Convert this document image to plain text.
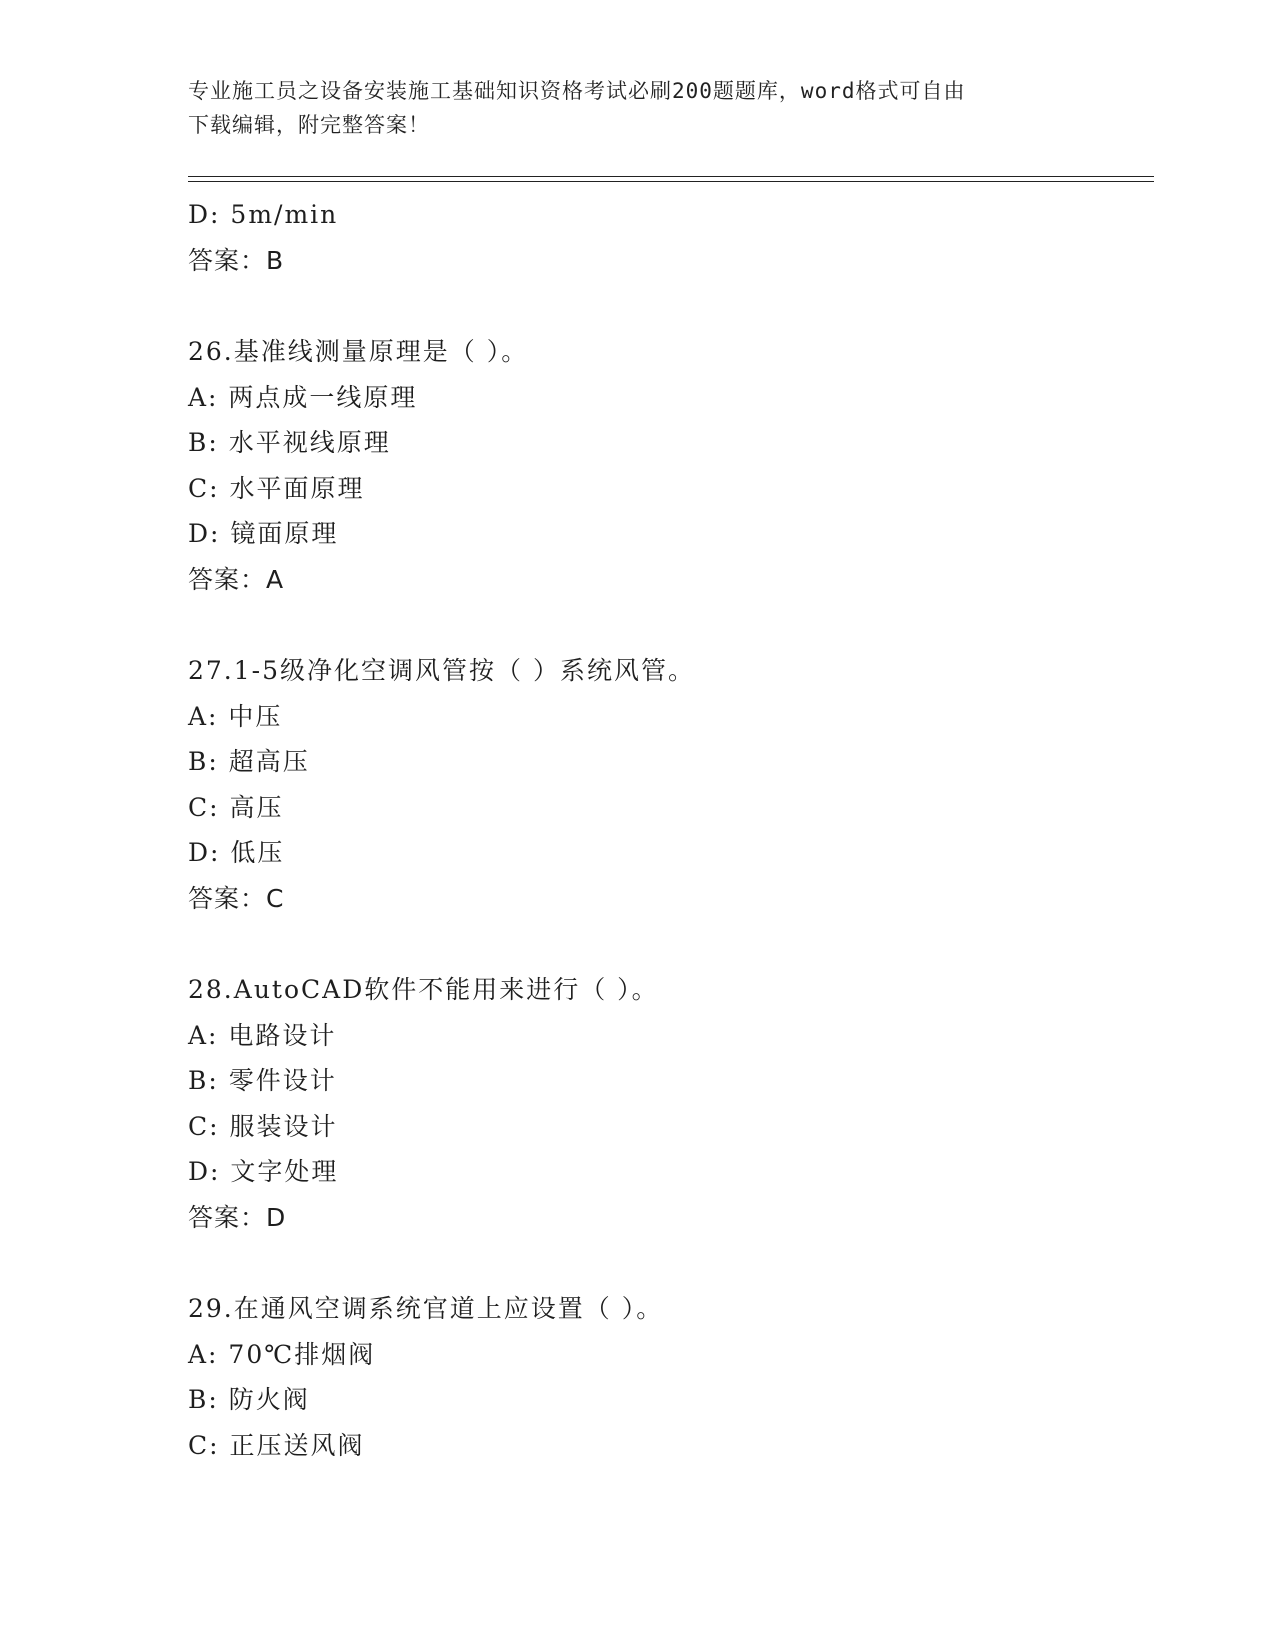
专业施工员之设备安装施工基础知识资格考试必刷200题题库，word格式可自由
下载编辑，附完整答案！
D: 5m/min
答案：B
26.基准线测量原理是（ ）。
A: 两点成一线原理
B: 水平视线原理
C: 水平面原理
D: 镜面原理
答案：A
27.1-5级净化空调风管按（ ）系统风管。
A: 中压
B: 超高压
C: 高压
D: 低压
答案：C
28.AutoCAD软件不能用来进行（ ）。
A: 电路设计
B: 零件设计
C: 服装设计
D: 文字处理
答案：D
29.在通风空调系统官道上应设置（ ）。
A: 70℃排烟阀
B: 防火阀
C: 正压送风阀
